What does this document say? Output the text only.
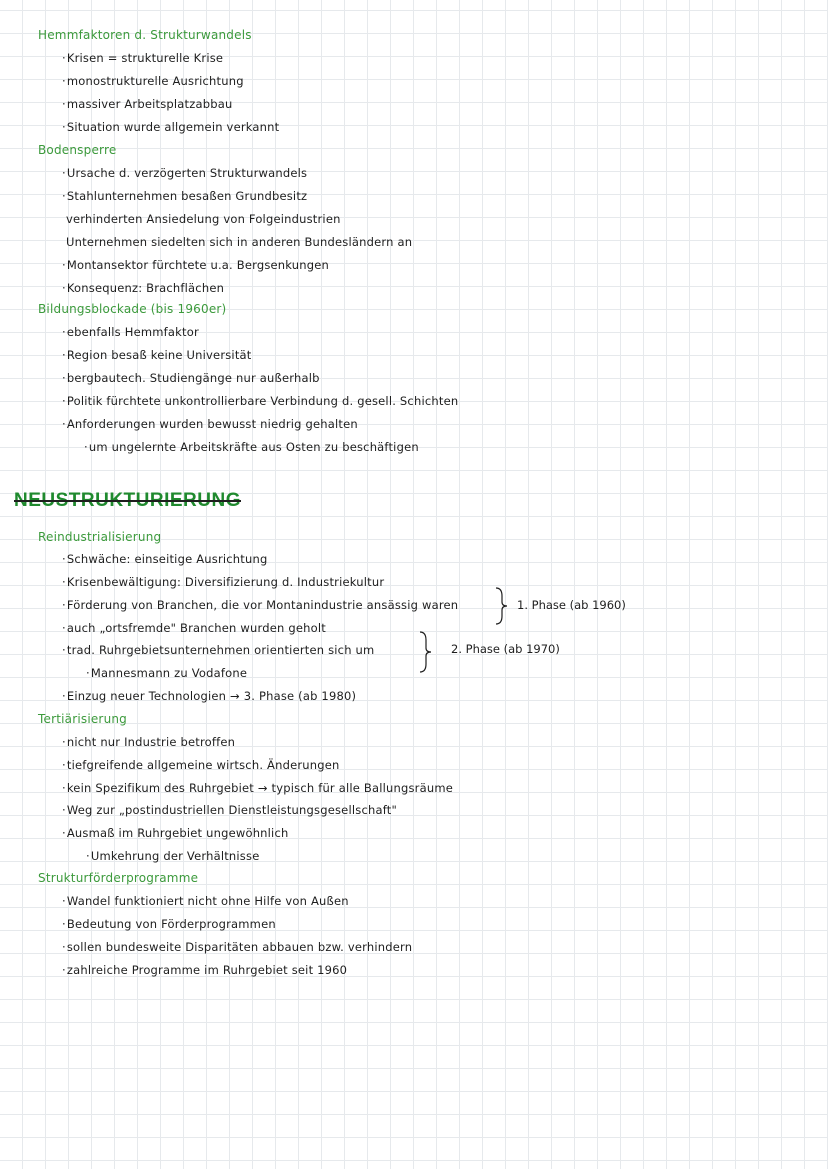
Hemmfaktoren d. Strukturwandels
· Krisen = strukturelle Krise
· monostrukturelle Ausrichtung
· massiver Arbeitsplatzabbau
· Situation wurde allgemein verkannt
Bodensperre
· Ursache d. verzögerten Strukturwandels
· Stahlunternehmen besaßen Grundbesitz
verhinderten Ansiedelung von Folgeindustrien
Unternehmen siedelten sich in anderen Bundesländern an
· Montansektor fürchtete u.a. Bergsenkungen
· Konsequenz: Brachflächen
Bildungsblockade (bis 1960er)
· ebenfalls Hemmfaktor
· Region besaß keine Universität
· bergbautech. Studiengänge nur außerhalb
· Politik fürchtete unkontrollierbare Verbindung d. gesell. Schichten
· Anforderungen wurden bewusst niedrig gehalten
· um ungelernte Arbeitskräfte aus Osten zu beschäftigen
NEUSTRUKTURIERUNG
Reindustrialisierung
· Schwäche: einseitige Ausrichtung
· Krisenbewältigung: Diversifizierung d. Industriekultur
· Förderung von Branchen, die vor Montanindustrie ansässig waren
· auch „ortsfremde" Branchen wurden geholt
· trad. Ruhrgebietsunternehmen orientierten sich um
· Mannesmann zu Vodafone
· Einzug neuer Technologien → 3. Phase (ab 1980)
1. Phase (ab 1960)
2. Phase (ab 1970)
Tertiärisierung
· nicht nur Industrie betroffen
· tiefgreifende allgemeine wirtsch. Änderungen
· kein Spezifikum des Ruhrgebiet → typisch für alle Ballungsräume
· Weg zur „postindustriellen Dienstleistungsgesellschaft"
· Ausmaß im Ruhrgebiet ungewöhnlich
· Umkehrung der Verhältnisse
Strukturförderprogramme
· Wandel funktioniert nicht ohne Hilfe von Außen
· Bedeutung von Förderprogrammen
· sollen bundesweite Disparitäten abbauen bzw. verhindern
· zahlreiche Programme im Ruhrgebiet seit 1960
